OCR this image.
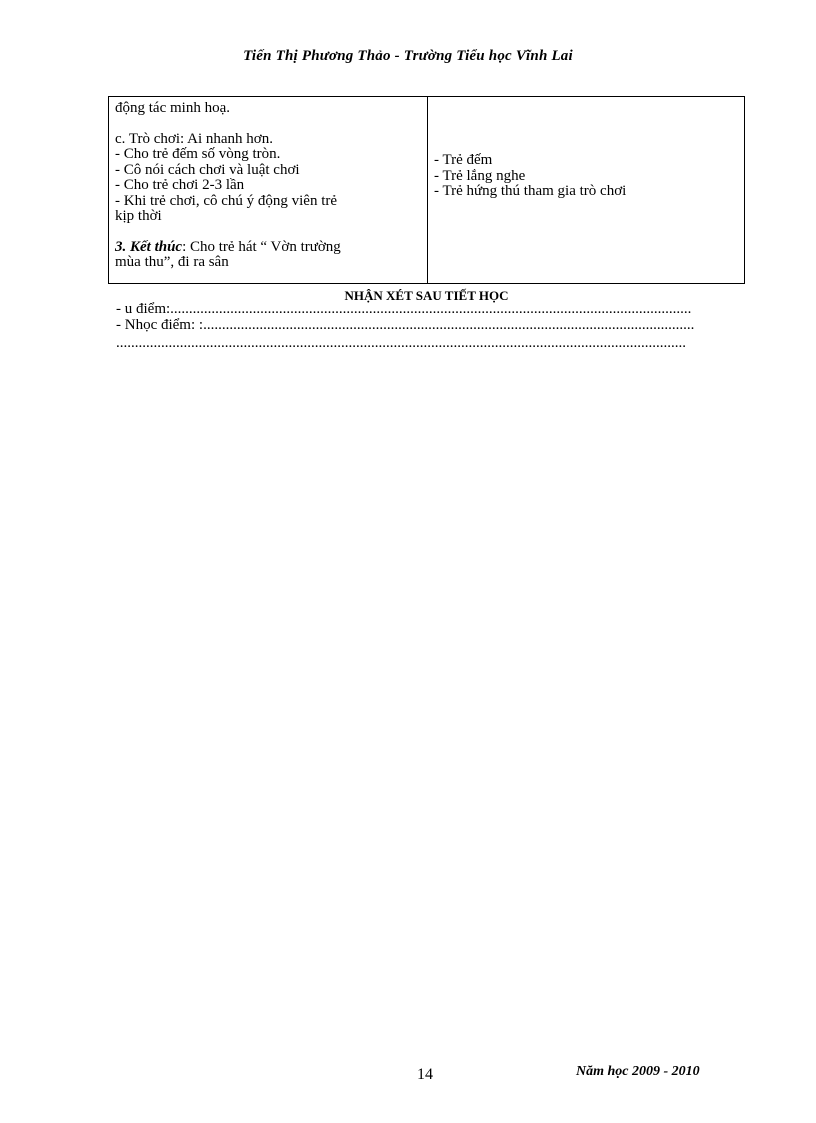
Tiến Thị Phương Thảo - Trường Tiểu học Vĩnh Lai
động tác minh hoạ.
c. Trò chơi: Ai nhanh hơn.
- Cho trẻ đếm số vòng tròn.
- Cô nói cách chơi và luật chơi
- Cho trẻ chơi 2-3 lần
- Khi trẻ chơi, cô chú ý động viên trẻ
kịp thời
3. Kết thúc: Cho trẻ hát “ Vờn trường
mùa thu”, đi ra sân
- Trẻ đếm
- Trẻ lắng nghe
- Trẻ hứng thú tham gia trò chơi
NHẬN XÉT SAU TIẾT HỌC
- u điểm:...........................................................................................................................................
- Nhọc điểm: :...................................................................................................................................
........................................................................................................................................................
14	Năm học 2009 - 2010
